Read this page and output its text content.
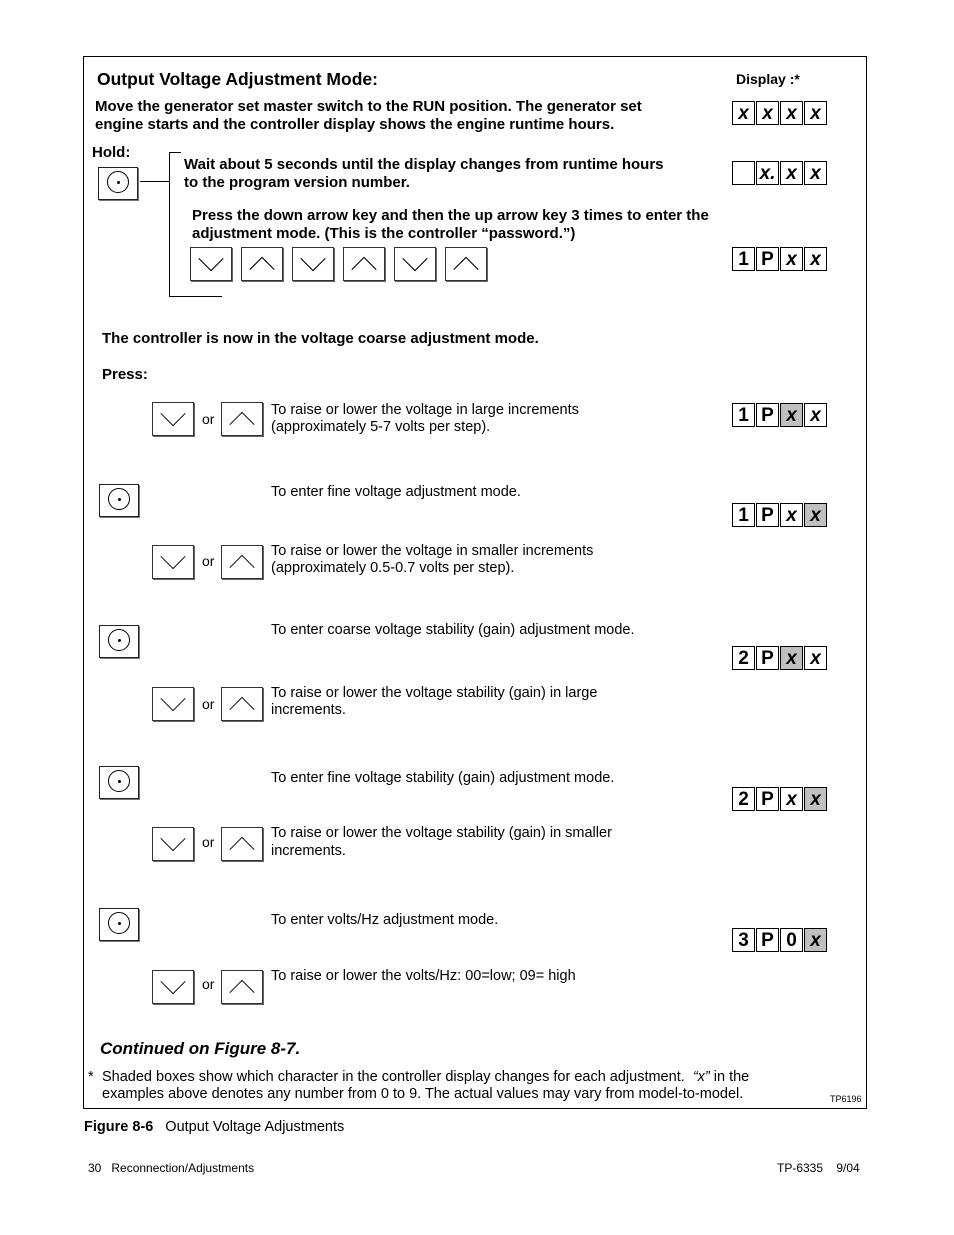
Output Voltage Adjustment Mode:	Display :*
Move the generator set master switch to the RUN position. The generator set
engine starts and the controller display shows the engine runtime hours.
x x x x
Hold:
Wait about 5 seconds until the display changes from runtime hours
to the program version number.	x. x x
Press the down arrow key and then the up arrow key 3 times to enter the
adjustment mode. (This is the controller “password.”)
1 P x x
The controller is now in the voltage coarse adjustment mode.
Press:
or
To raise or lower the voltage in large increments
(approximately 5‑7 volts per step).
1 P x x
To enter fine voltage adjustment mode.
1 P x x
or
To raise or lower the voltage in smaller increments
(approximately 0.5‑0.7 volts per step).
To enter coarse voltage stability (gain) adjustment mode.
2 P x x
or
To raise or lower the voltage stability (gain) in large
increments.
To enter fine voltage stability (gain) adjustment mode.
2 P x x
or
To raise or lower the voltage stability (gain) in smaller
increments.
To enter volts/Hz adjustment mode.
3 P 0 x
or	To raise or lower the volts/Hz: 00=low; 09= high
Continued on Figure 8-7.
* Shaded boxes show which character in the controller display changes for each adjustment.  “x” in the
examples above denotes any number from 0 to 9. The actual values may vary from model-to-model.	TP6196
Figure 8-6 Output Voltage Adjustments
30   Reconnection/Adjustments	TP-6335    9/04
